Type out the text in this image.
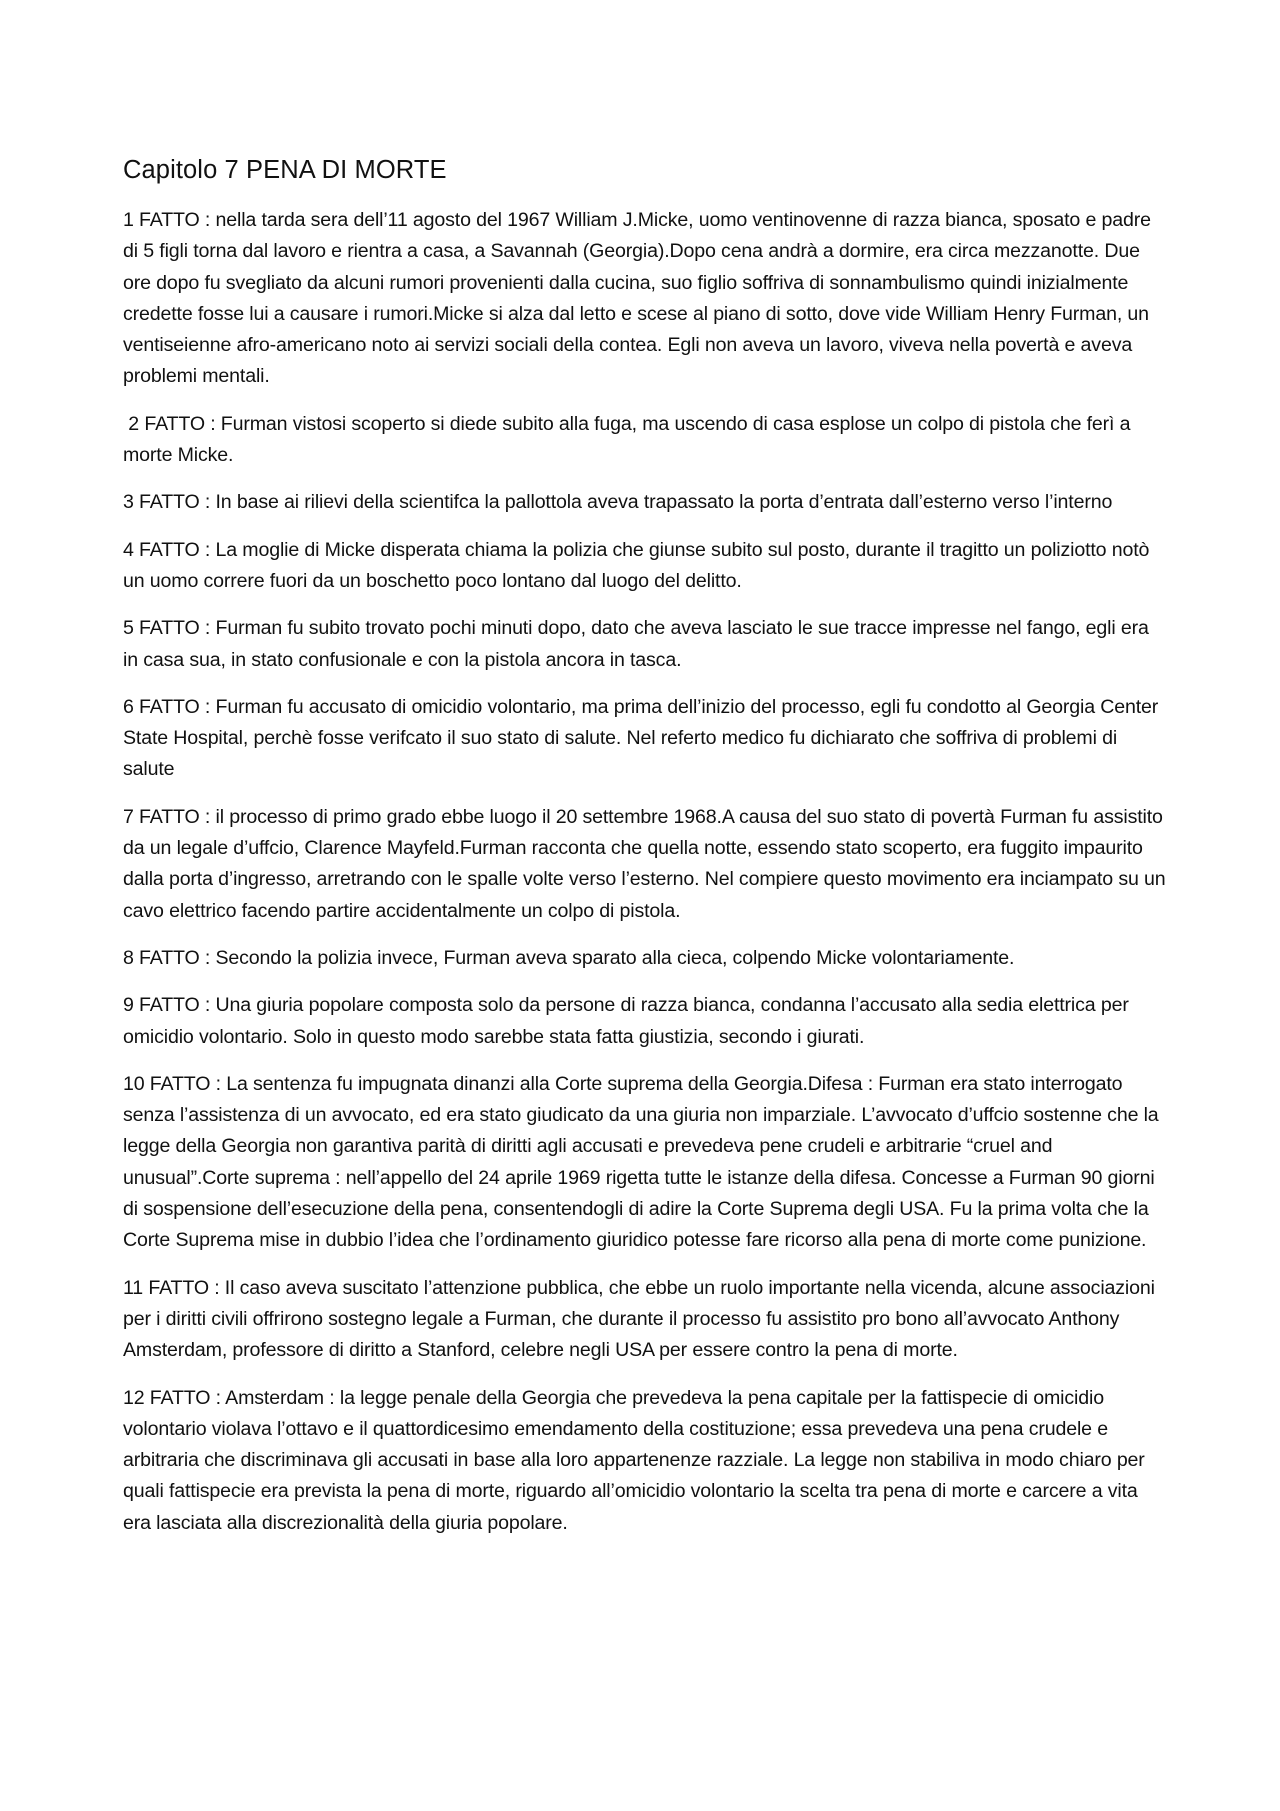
Capitolo 7 PENA DI MORTE

1 FATTO : nella tarda sera dell’11 agosto del 1967 William J.Micke, uomo ventinovenne di razza bianca, sposato e padre di 5 figli torna dal lavoro e rientra a casa, a Savannah (Georgia).Dopo cena andrà a dormire, era circa mezzanotte. Due ore dopo fu svegliato da alcuni rumori provenienti dalla cucina, suo figlio soffriva di sonnambulismo quindi inizialmente credette fosse lui a causare i rumori.Micke si alza dal letto e scese al piano di sotto, dove vide William Henry Furman, un ventiseienne afro-americano noto ai servizi sociali della contea. Egli non aveva un lavoro, viveva nella povertà e aveva problemi mentali.

2 FATTO : Furman vistosi scoperto si diede subito alla fuga, ma uscendo di casa esplose un colpo di pistola che ferì a morte Micke.

3 FATTO : In base ai rilievi della scientifca la pallottola aveva trapassato la porta d’entrata dall’esterno verso l’interno

4 FATTO : La moglie di Micke disperata chiama la polizia che giunse subito sul posto, durante il tragitto un poliziotto notò un uomo correre fuori da un boschetto poco lontano dal luogo del delitto.

5 FATTO : Furman fu subito trovato pochi minuti dopo, dato che aveva lasciato le sue tracce impresse nel fango, egli era in casa sua, in stato confusionale e con la pistola ancora in tasca.

6 FATTO : Furman fu accusato di omicidio volontario, ma prima dell’inizio del processo, egli fu condotto al Georgia Center State Hospital, perchè fosse verifcato il suo stato di salute. Nel referto medico fu dichiarato che soffriva di problemi di salute

7 FATTO : il processo di primo grado ebbe luogo il 20 settembre 1968.A causa del suo stato di povertà Furman fu assistito da un legale d’uffcio, Clarence Mayfeld.Furman racconta che quella notte, essendo stato scoperto, era fuggito impaurito dalla porta d’ingresso, arretrando con le spalle volte verso l’esterno. Nel compiere questo movimento era inciampato su un cavo elettrico facendo partire accidentalmente un colpo di pistola.

8 FATTO : Secondo la polizia invece, Furman aveva sparato alla cieca, colpendo Micke volontariamente.

9 FATTO : Una giuria popolare composta solo da persone di razza bianca, condanna l’accusato alla sedia elettrica per omicidio volontario. Solo in questo modo sarebbe stata fatta giustizia, secondo i giurati.

10 FATTO : La sentenza fu impugnata dinanzi alla Corte suprema della Georgia.Difesa : Furman era stato interrogato senza l’assistenza di un avvocato, ed era stato giudicato da una giuria non imparziale. L’avvocato d’uffcio sostenne che la legge della Georgia non garantiva parità di diritti agli accusati e prevedeva pene crudeli e arbitrarie “cruel and unusual”.Corte suprema : nell’appello del 24 aprile 1969 rigetta tutte le istanze della difesa. Concesse a Furman 90 giorni di sospensione dell’esecuzione della pena, consentendogli di adire la Corte Suprema degli USA. Fu la prima volta che la Corte Suprema mise in dubbio l’idea che l’ordinamento giuridico potesse fare ricorso alla pena di morte come punizione.

11 FATTO : Il caso aveva suscitato l’attenzione pubblica, che ebbe un ruolo importante nella vicenda, alcune associazioni per i diritti civili offrirono sostegno legale a Furman, che durante il processo fu assistito pro bono all’avvocato Anthony Amsterdam, professore di diritto a Stanford, celebre negli USA per essere contro la pena di morte.

12 FATTO : Amsterdam : la legge penale della Georgia che prevedeva la pena capitale per la fattispecie di omicidio volontario violava l’ottavo e il quattordicesimo emendamento della costituzione; essa prevedeva una pena crudele e arbitraria che discriminava gli accusati in base alla loro appartenenze razziale. La legge non stabiliva in modo chiaro per quali fattispecie era prevista la pena di morte, riguardo all’omicidio volontario la scelta tra pena di morte e carcere a vita era lasciata alla discrezionalità della giuria popolare.
